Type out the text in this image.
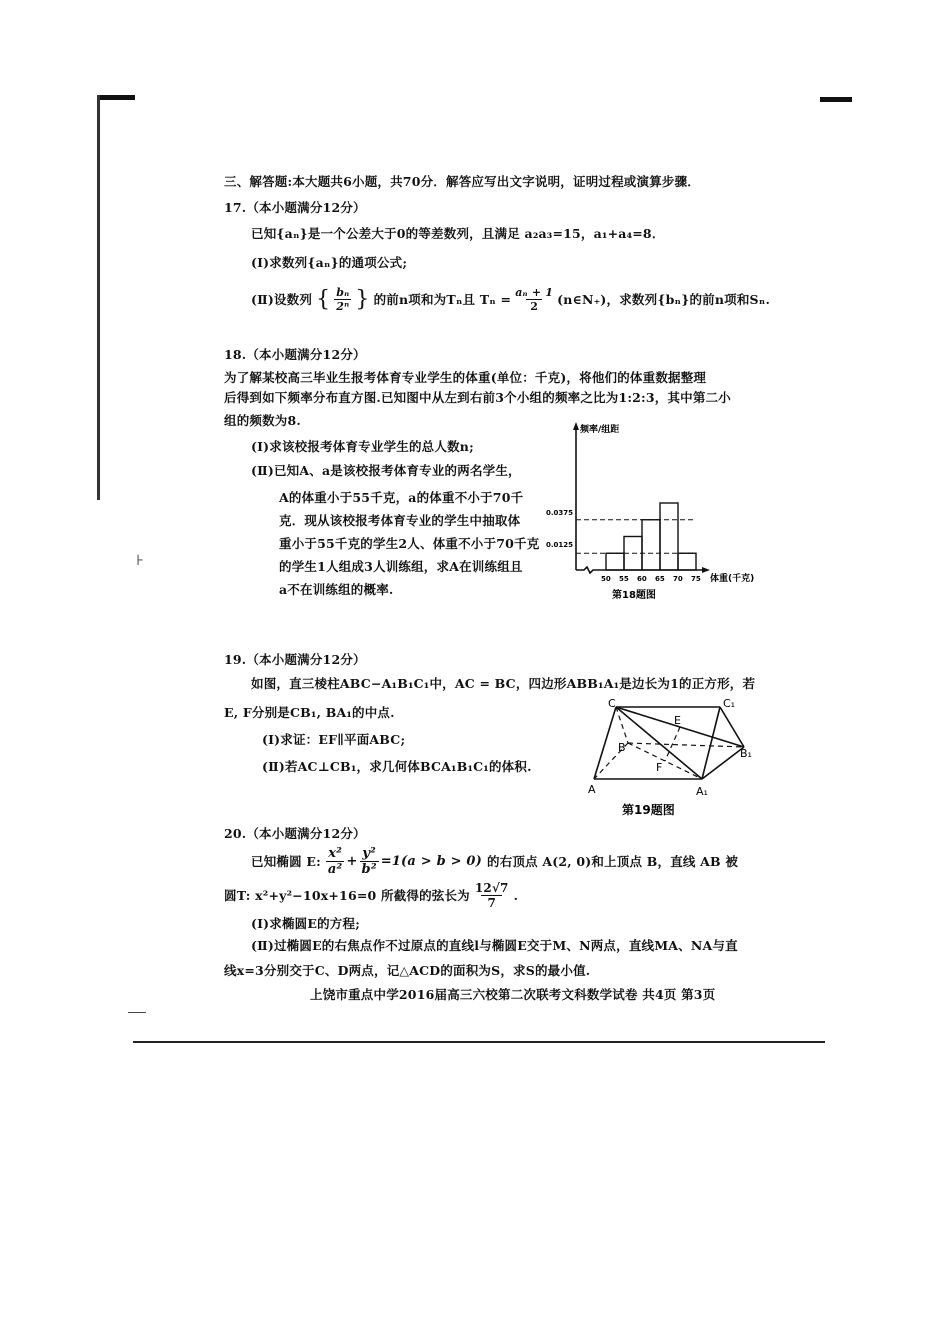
⊦
三、解答题:本大题共6小题，共70分．解答应写出文字说明，证明过程或演算步骤．
17.（本小题满分12分）
已知{aₙ}是一个公差大于0的等差数列，且满足 a₂a₃=15，a₁+a₄=8．
(Ⅰ)求数列{aₙ}的通项公式;
(Ⅱ)设数列 { $\frac{\text{bₙ}}{\text{2ⁿ}}$ } 的前n项和为Tₙ且 $T_n = \frac{\text{aₙ + 1}}{2}$ (n∈N₊)，求数列{bₙ}的前n项和Sₙ.
18.（本小题满分12分）
为了解某校高三毕业生报考体育专业学生的体重(单位：千克)，将他们的体重数据整理
后得到如下频率分布直方图.已知图中从左到右前3个小组的频率之比为1:2:3，其中第二小
组的频数为8.
(Ⅰ)求该校报考体育专业学生的总人数n;
(Ⅱ)已知A、a是该校报考体育专业的两名学生，
A的体重小于55千克，a的体重不小于70千
克．现从该校报考体育专业的学生中抽取体
重小于55千克的学生2人、体重不小于70千克
的学生1人组成3人训练组，求A在训练组且
a不在训练组的概率.
50 55 60 65 70 75
频率/组距
体重(千克)
0.0375
0.0125
第18题图
19.（本小题满分12分）
如图，直三棱柱ABC−A₁B₁C₁中，AC = BC，四边形ABB₁A₁是边长为1的正方形，若
E, F分别是CB₁, BA₁的中点.
(Ⅰ)求证：EF∥平面ABC;
(Ⅱ)若AC⊥CB₁，求几何体BCA₁B₁C₁的体积.
C	C₁
E
B	B₁
F
A	A₁
第19题图
20.（本小题满分12分）
已知椭圆 E:
x²
a²
+ $\frac{\text{y²}}{\text{b²}} =1(a > b > 0)$ 的右顶点 A(2, 0)和上顶点 B，直线 AB 被
圆T: x²+y²−10x+16=0 所截得的弦长为 $\frac{12√7}{7}$ .
(Ⅰ)求椭圆E的方程;
(Ⅱ)过椭圆E的右焦点作不过原点的直线l与椭圆E交于M、N两点，直线MA、NA与直
线x=3分别交于C、D两点，记△ACD的面积为S，求S的最小值.
上饶市重点中学2016届高三六校第二次联考文科数学试卷 共4页 第3页
